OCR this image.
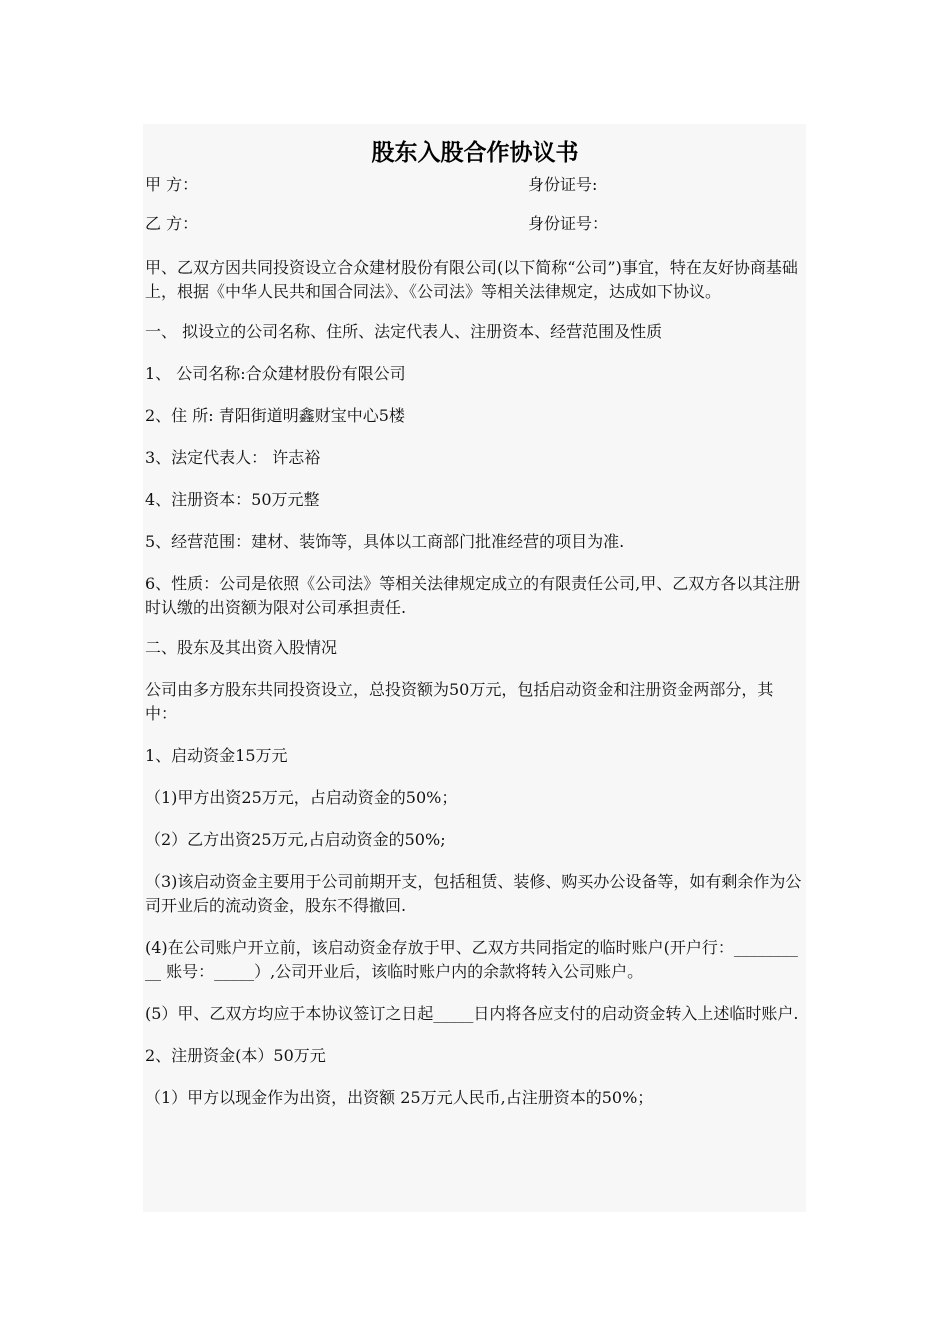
股东入股合作协议书
甲 方：	身份证号:
乙 方：	身份证号：

甲、乙双方因共同投资设立合众建材股份有限公司(以下简称“公司”)事宜，特在友好协商基础上，根据《中华人民共和国合同法》、《公司法》等相关法律规定，达成如下协议。

一、 拟设立的公司名称、住所、法定代表人、注册资本、经营范围及性质

1、 公司名称:合众建材股份有限公司

2、住 所: 青阳街道明鑫财宝中心5楼

3、法定代表人： 许志裕

4、注册资本：50万元整

5、经营范围：建材、装饰等，具体以工商部门批准经营的项目为准.

6、性质：公司是依照《公司法》等相关法律规定成立的有限责任公司,甲、乙双方各以其注册时认缴的出资额为限对公司承担责任.

二、股东及其出资入股情况

公司由多方股东共同投资设立，总投资额为50万元，包括启动资金和注册资金两部分，其中：

1、启动资金15万元

（1)甲方出资25万元，占启动资金的50%；

（2）乙方出资25万元,占启动资金的50%;

（3)该启动资金主要用于公司前期开支，包括租赁、装修、购买办公设备等，如有剩余作为公司开业后的流动资金，股东不得撤回.

(4)在公司账户开立前，该启动资金存放于甲、乙双方共同指定的临时账户(开户行：__________ 账号：_____）,公司开业后，该临时账户内的余款将转入公司账户。

(5）甲、乙双方均应于本协议签订之日起_____日内将各应支付的启动资金转入上述临时账户.

2、注册资金(本）50万元

（1）甲方以现金作为出资，出资额 25万元人民币,占注册资本的50%；
